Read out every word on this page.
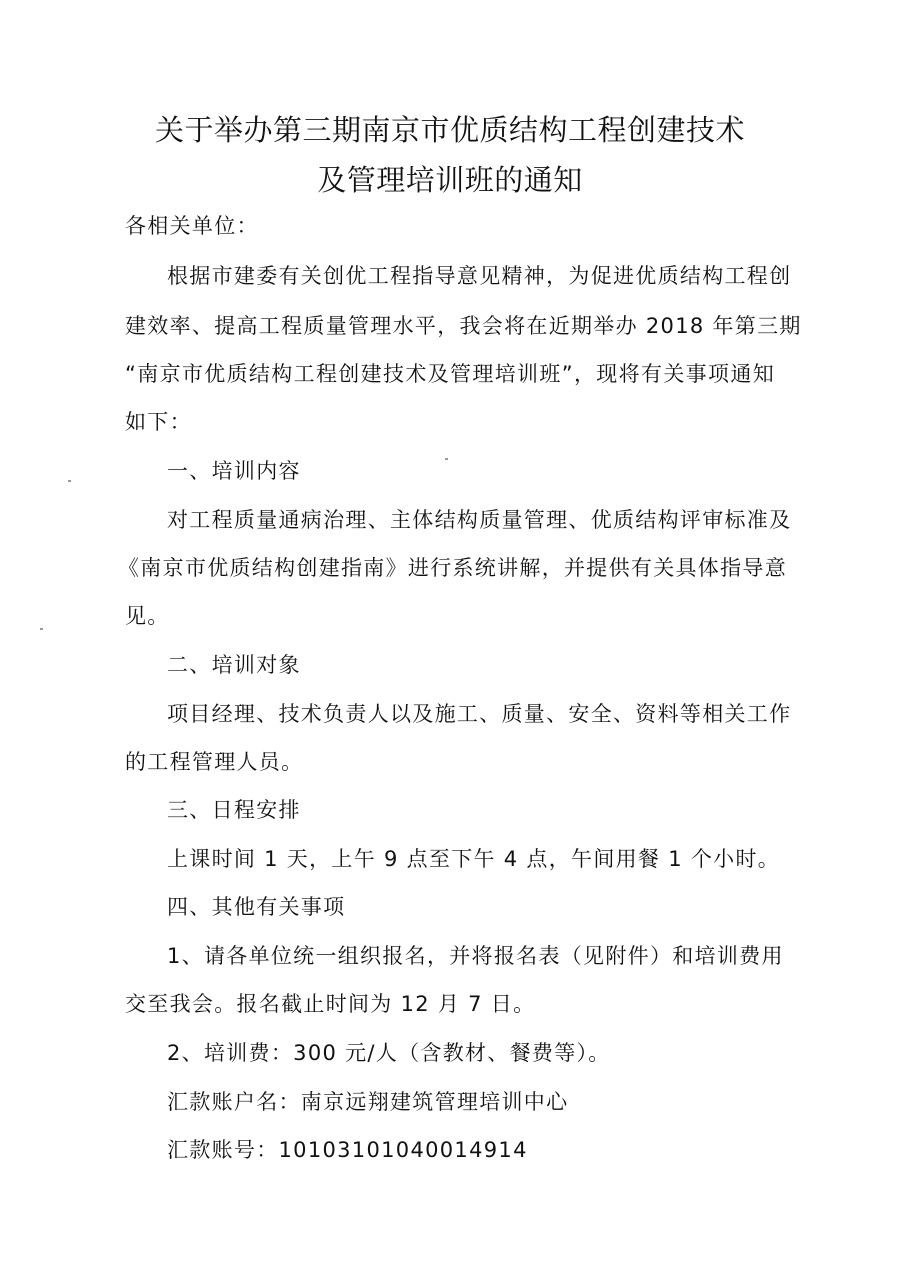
关于举办第三期南京市优质结构工程创建技术
及管理培训班的通知
各相关单位：
根据市建委有关创优工程指导意见精神，为促进优质结构工程创
建效率、提高工程质量管理水平，我会将在近期举办 2018 年第三期
“南京市优质结构工程创建技术及管理培训班”，现将有关事项通知
如下：
一、培训内容
对工程质量通病治理、主体结构质量管理、优质结构评审标准及
《南京市优质结构创建指南》进行系统讲解，并提供有关具体指导意
见。
二、培训对象
项目经理、技术负责人以及施工、质量、安全、资料等相关工作
的工程管理人员。
三、日程安排
上课时间 1 天，上午 9 点至下午 4 点，午间用餐 1 个小时。
四、其他有关事项
1、请各单位统一组织报名，并将报名表（见附件）和培训费用
交至我会。报名截止时间为 12 月 7 日。
2、培训费：300 元/人（含教材、餐费等）。
汇款账户名：南京远翔建筑管理培训中心
汇款账号：10103101040014914
